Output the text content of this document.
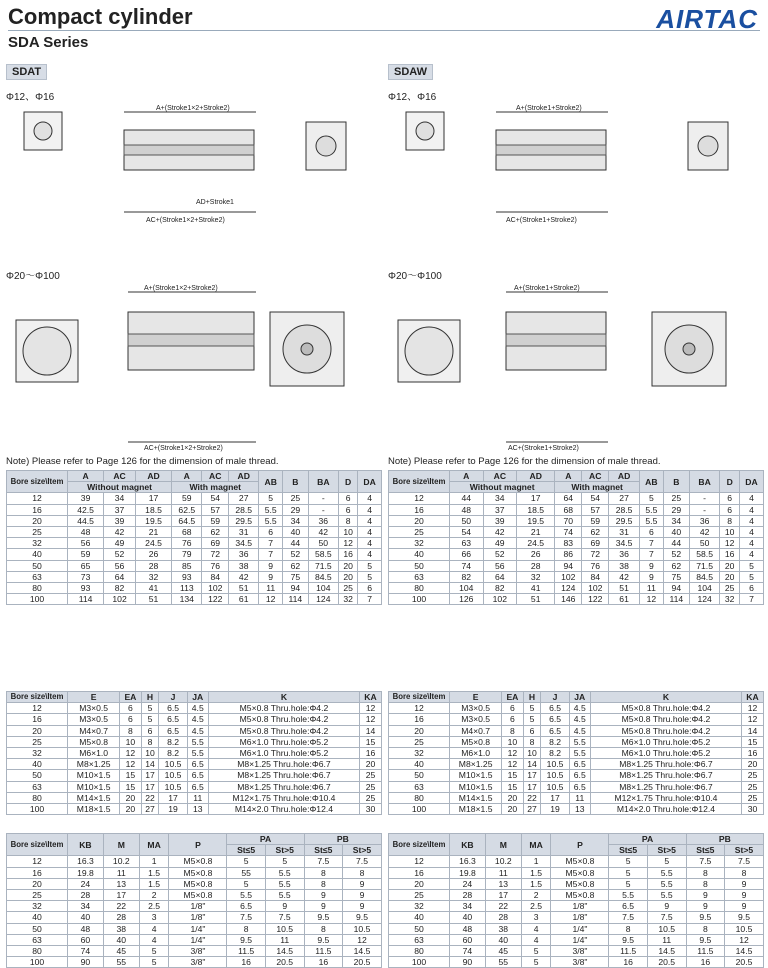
Compact cylinder
SDA Series
AIRTAC
SDAT
Φ12、Φ16
A+(Stroke1×2+Stroke2)
AC+(Stroke1×2+Stroke2)
AD+Stroke1
Φ20～Φ100
A+(Stroke1×2+Stroke2)
AC+(Stroke1×2+Stroke2)
Note) Please refer to Page 126 for the dimension of male thread.
Bore size\Item	A	AC	AD	A	AC	AD	AB	B	BA	D	DA
	Without magnet			With magnet							
12	39	34	17	59	54	27	5	25	-	6	4
16	42.5	37	18.5	62.5	57	28.5	5.5	29	-	6	4
20	44.5	39	19.5	64.5	59	29.5	5.5	34	36	8	4
25	48	42	21	68	62	31	6	40	42	10	4
32	56	49	24.5	76	69	34.5	7	44	50	12	4
40	59	52	26	79	72	36	7	52	58.5	16	4
50	65	56	28	85	76	38	9	62	71.5	20	5
63	73	64	32	93	84	42	9	75	84.5	20	5
80	93	82	41	113	102	51	11	94	104	25	6
100	114	102	51	134	122	61	12	114	124	32	7
Bore size\Item	E	EA	H	J	JA	K	KA
12	M3×0.5	6	5	6.5	4.5	M5×0.8 Thru.hole:Φ4.2	12
16	M3×0.5	6	5	6.5	4.5	M5×0.8 Thru.hole:Φ4.2	12
20	M4×0.7	8	6	6.5	4.5	M5×0.8 Thru.hole:Φ4.2	14
25	M5×0.8	10	8	8.2	5.5	M6×1.0 Thru.hole:Φ5.2	15
32	M6×1.0	12	10	8.2	5.5	M6×1.0 Thru.hole:Φ5.2	16
40	M8×1.25	12	14	10.5	6.5	M8×1.25 Thru.hole:Φ6.7	20
50	M10×1.5	15	17	10.5	6.5	M8×1.25 Thru.hole:Φ6.7	25
63	M10×1.5	15	17	10.5	6.5	M8×1.25 Thru.hole:Φ6.7	25
80	M14×1.5	20	22	17	11	M12×1.75 Thru.hole:Φ10.4	25
100	M18×1.5	20	27	19	13	M14×2.0 Thru.hole:Φ12.4	30
Bore size\Item	KB	M	MA	P	PA		PB	
					St≤5	St>5	St≤5	St>5
12	16.3	10.2	1	M5×0.8	5	5	7.5	7.5
16	19.8	11	1.5	M5×0.8	55	5.5	8	8
20	24	13	1.5	M5×0.8	5	5.5	8	9
25	28	17	2	M5×0.8	5.5	5.5	9	9
32	34	22	2.5	1/8"	6.5	9	9	9
40	40	28	3	1/8"	7.5	7.5	9.5	9.5
50	48	38	4	1/4"	8	10.5	8	10.5
63	60	40	4	1/4"	9.5	11	9.5	12
80	74	45	5	3/8"	11.5	14.5	11.5	14.5
100	90	55	5	3/8"	16	20.5	16	20.5
SDAW
Φ12、Φ16
A+(Stroke1+Stroke2)
AC+(Stroke1+Stroke2)
Φ20～Φ100
A+(Stroke1+Stroke2)
AC+(Stroke1+Stroke2)
Note) Please refer to Page 126 for the dimension of male thread.
Bore size\Item	A	AC	AD	A	AC	AD	AB	B	BA	D	DA
	Without magnet			With magnet							
12	44	34	17	64	54	27	5	25	-	6	4
16	48	37	18.5	68	57	28.5	5.5	29	-	6	4
20	50	39	19.5	70	59	29.5	5.5	34	36	8	4
25	54	42	21	74	62	31	6	40	42	10	4
32	63	49	24.5	83	69	34.5	7	44	50	12	4
40	66	52	26	86	72	36	7	52	58.5	16	4
50	74	56	28	94	76	38	9	62	71.5	20	5
63	82	64	32	102	84	42	9	75	84.5	20	5
80	104	82	41	124	102	51	11	94	104	25	6
100	126	102	51	146	122	61	12	114	124	32	7
Bore size\Item	E	EA	H	J	JA	K	KA
12	M3×0.5	6	5	6.5	4.5	M5×0.8 Thru.hole:Φ4.2	12
16	M3×0.5	6	5	6.5	4.5	M5×0.8 Thru.hole:Φ4.2	12
20	M4×0.7	8	6	6.5	4.5	M5×0.8 Thru.hole:Φ4.2	14
25	M5×0.8	10	8	8.2	5.5	M6×1.0 Thru.hole:Φ5.2	15
32	M6×1.0	12	10	8.2	5.5	M6×1.0 Thru.hole:Φ5.2	16
40	M8×1.25	12	14	10.5	6.5	M8×1.25 Thru.hole:Φ6.7	20
50	M10×1.5	15	17	10.5	6.5	M8×1.25 Thru.hole:Φ6.7	25
63	M10×1.5	15	17	10.5	6.5	M8×1.25 Thru.hole:Φ6.7	25
80	M14×1.5	20	22	17	11	M12×1.75 Thru.hole:Φ10.4	25
100	M18×1.5	20	27	19	13	M14×2.0 Thru.hole:Φ12.4	30
Bore size\Item	KB	M	MA	P	PA		PB	
					St≤5	St>5	St≤5	St>5
12	16.3	10.2	1	M5×0.8	5	5	7.5	7.5
16	19.8	11	1.5	M5×0.8	5	5.5	8	8
20	24	13	1.5	M5×0.8	5	5.5	8	9
25	28	17	2	M5×0.8	5.5	5.5	9	9
32	34	22	2.5	1/8"	6.5	9	9	9
40	40	28	3	1/8"	7.5	7.5	9.5	9.5
50	48	38	4	1/4"	8	10.5	8	10.5
63	60	40	4	1/4"	9.5	11	9.5	12
80	74	45	5	3/8"	11.5	14.5	11.5	14.5
100	90	55	5	3/8"	16	20.5	16	20.5
